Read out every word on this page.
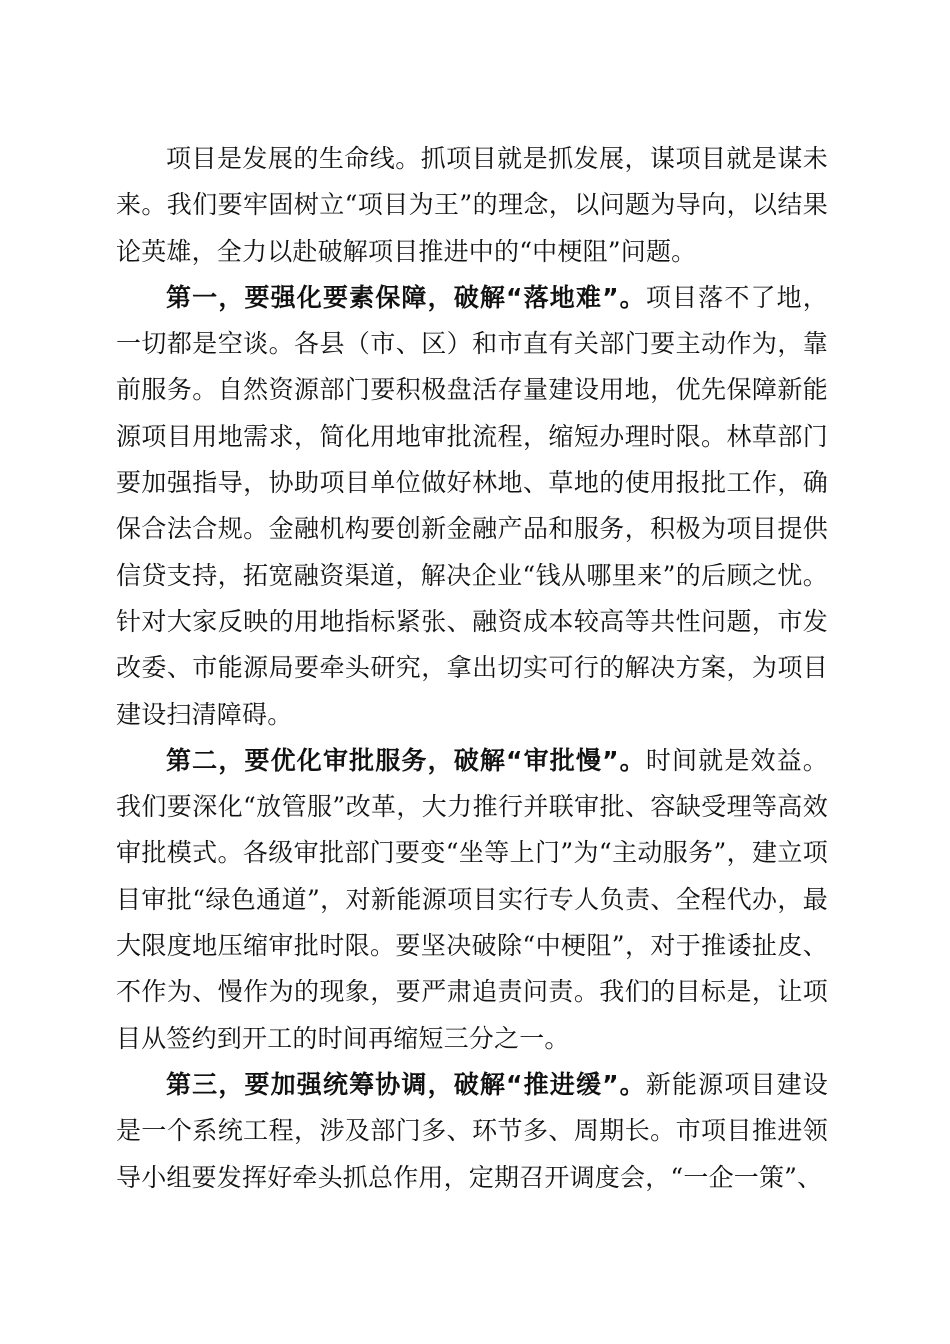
项目是发展的生命线。抓项目就是抓发展，谋项目就是谋未来。我们要牢固树立“项目为王”的理念，以问题为导向，以结果论英雄，全力以赴破解项目推进中的“中梗阻”问题。

第一，要强化要素保障，破解“落地难”。项目落不了地，一切都是空谈。各县（市、区）和市直有关部门要主动作为，靠前服务。自然资源部门要积极盘活存量建设用地，优先保障新能源项目用地需求，简化用地审批流程，缩短办理时限。林草部门要加强指导，协助项目单位做好林地、草地的使用报批工作，确保合法合规。金融机构要创新金融产品和服务，积极为项目提供信贷支持，拓宽融资渠道，解决企业“钱从哪里来”的后顾之忧。针对大家反映的用地指标紧张、融资成本较高等共性问题，市发改委、市能源局要牵头研究，拿出切实可行的解决方案，为项目建设扫清障碍。

第二，要优化审批服务，破解“审批慢”。时间就是效益。我们要深化“放管服”改革，大力推行并联审批、容缺受理等高效审批模式。各级审批部门要变“坐等上门”为“主动服务”，建立项目审批“绿色通道”，对新能源项目实行专人负责、全程代办，最大限度地压缩审批时限。要坚决破除“中梗阻”，对于推诿扯皮、不作为、慢作为的现象，要严肃追责问责。我们的目标是，让项目从签约到开工的时间再缩短三分之一。

第三，要加强统筹协调，破解“推进缓”。新能源项目建设是一个系统工程，涉及部门多、环节多、周期长。市项目推进领导小组要发挥好牵头抓总作用，定期召开调度会，“一企一策”、
